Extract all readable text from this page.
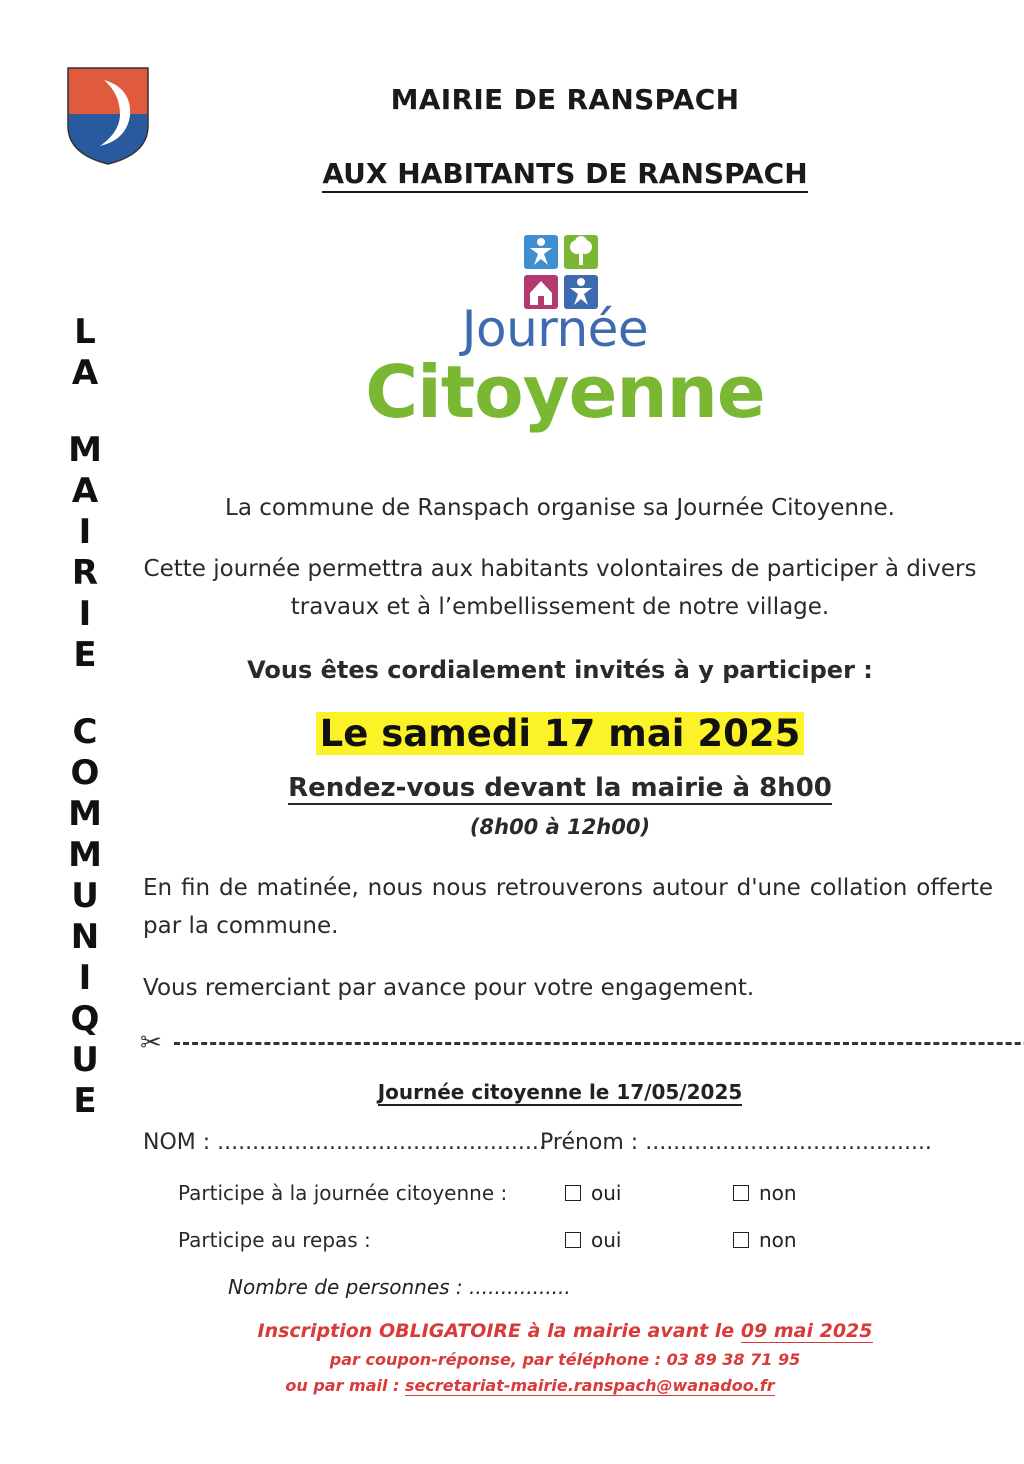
L
A
M
A
I
R
I
E
C
O
M
M
U
N
I
Q
U
E
MAIRIE DE RANSPACH
AUX HABITANTS DE RANSPACH
Journée
Citoyenne
La commune de Ranspach organise sa Journée Citoyenne.
Cette journée permettra aux habitants volontaires de participer à divers travaux et à l’embellissement de notre village.
Vous êtes cordialement invités à y participer :
Le samedi 17 mai 2025
Rendez-vous devant la mairie à 8h00
(8h00 à 12h00)
En fin de matinée, nous nous retrouverons autour d'une collation offerte par la commune.
Vous remerciant par avance pour votre engagement.
✂
Journée citoyenne le 17/05/2025
NOM : ...............................................
Prénom : .........................................
Participe à la journée citoyenne :	oui	non
Participe au repas :	oui	non
Nombre de personnes : ................
Inscription OBLIGATOIRE à la mairie avant le 09 mai 2025
par coupon-réponse, par téléphone : 03 89 38 71 95
ou par mail : secretariat-mairie.ranspach@wanadoo.fr
